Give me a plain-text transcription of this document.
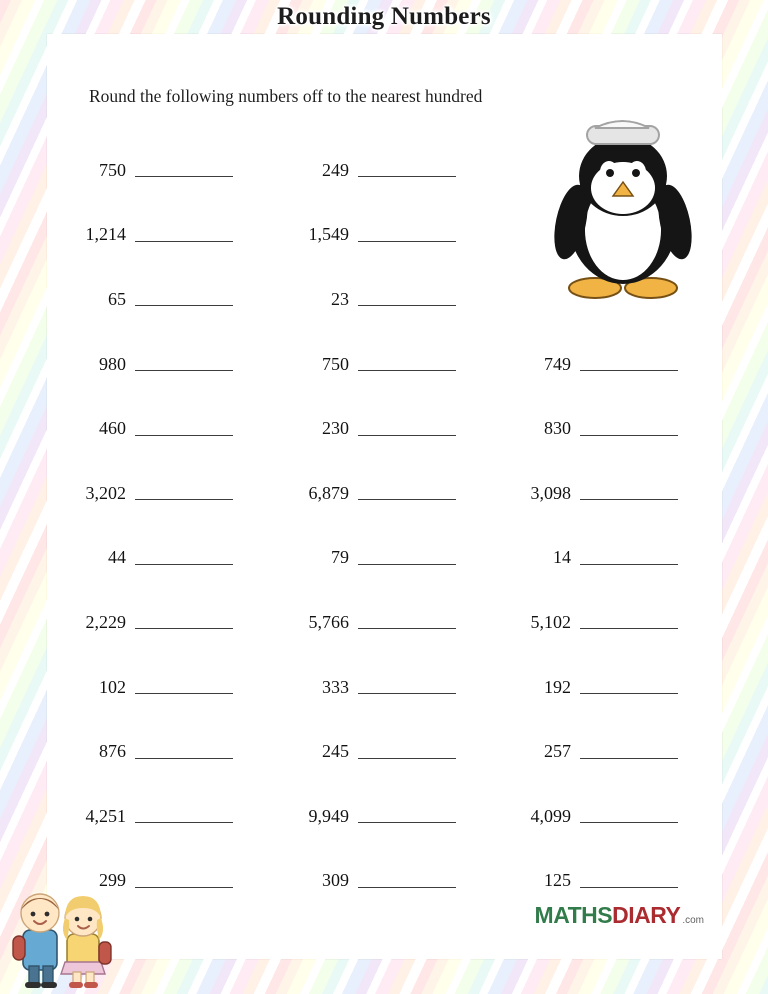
Rounding Numbers
Round the following numbers off to the nearest hundred
750
1,214
65
980
460
3,202
44
2,229
102
876
4,251
299
249
1,549
23
750
230
6,879
79
5,766
333
245
9,949
309
749
830
3,098
14
5,102
192
257
4,099
125
MATHS DIARY .com
